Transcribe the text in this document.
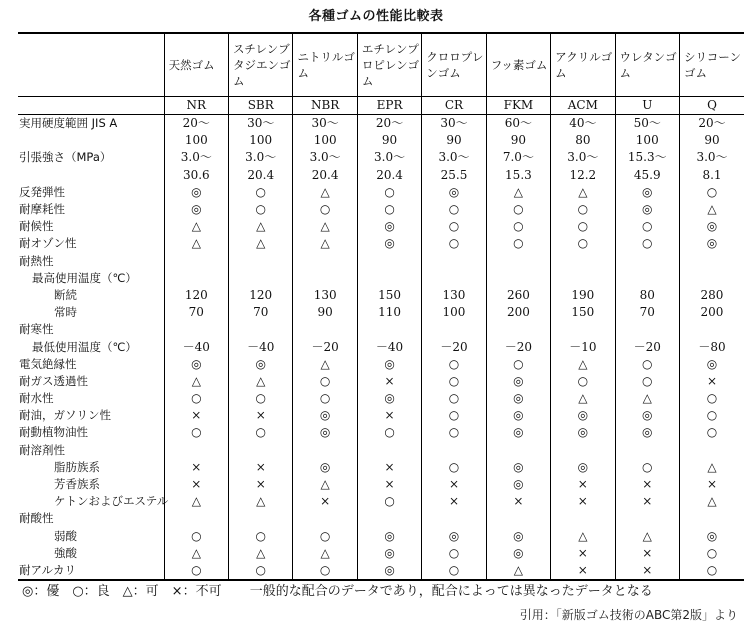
各種ゴムの性能比較表
	天然ゴム	スチレンブタジエンゴム	ニトリルゴム	エチレンプロピレンゴム	クロロプレンゴム	フッ素ゴム	アクリルゴム	ウレタンゴム	シリコーンゴム
	NR	SBR	NBR	EPR	CR	FKM	ACM	U	Q
実用硬度範囲 JIS A	20～	30～	30～	20～	30～	60～	40～	50～	20～
	100	100	100	90	90	90	80	100	90
引張強さ（MPa）	3.0～	3.0～	3.0～	3.0～	3.0～	7.0～	3.0～	15.3～	3.0～
	30.6	20.4	20.4	20.4	25.5	15.3	12.2	45.9	8.1
反発弾性	◎	○	△	○	◎	△	△	◎	○
耐摩耗性	◎	○	○	○	○	○	○	◎	△
耐候性	△	△	△	◎	○	○	○	○	◎
耐オゾン性	△	△	△	◎	○	○	○	○	◎
耐熱性									
最高使用温度（℃）									
断続	120	120	130	150	130	260	190	80	280
常時	70	70	90	110	100	200	150	70	200
耐寒性									
最低使用温度（℃）	－40	－40	－20	－40	－20	－20	－10	－20	－80
電気絶縁性	◎	◎	△	◎	○	○	△	○	◎
耐ガス透過性	△	△	○	×	○	◎	○	○	×
耐水性	○	○	○	◎	○	◎	△	△	○
耐油，ガソリン性	×	×	◎	×	○	◎	◎	◎	○
耐動植物油性	○	○	◎	○	○	◎	◎	◎	○
耐溶剤性									
脂肪族系	×	×	◎	×	○	◎	◎	○	△
芳香族系	×	×	△	×	×	◎	×	×	×
ケトンおよびエステル	△	△	×	○	×	×	×	×	△
耐酸性									
弱酸	○	○	○	◎	◎	◎	△	△	◎
強酸	△	△	△	◎	○	◎	×	×	○
耐アルカリ	○	○	○	◎	○	△	×	×	○
◎：優　○：良　△：可　×：不可 一般的な配合のデータであり，配合によっては異なったデータとなる
引用：「新版ゴム技術のABC第2版」より
